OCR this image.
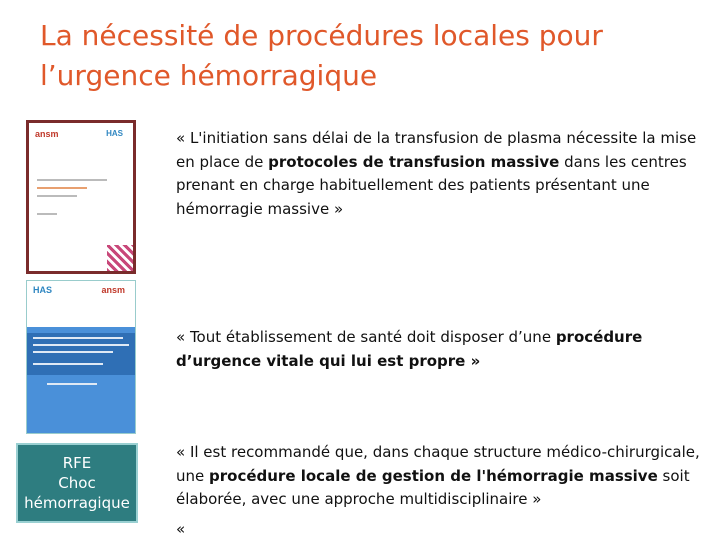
La nécessité de procédures locales pour l’urgence hémorragique
ansm	HAS
HAS	ansm
RFE
Choc
hémorragique

« L'initiation sans délai de la transfusion de plasma nécessite la mise en place de protocoles de transfusion massive dans les centres prenant en charge habituellement des patients présentant une hémorragie massive »

« Tout établissement de santé doit disposer d’une procédure d’urgence vitale qui lui est propre »

« Il est recommandé que, dans chaque structure médico-chirurgicale, une procédure locale de gestion de l'hémorragie massive soit élaborée, avec une approche multidisciplinaire »

«
